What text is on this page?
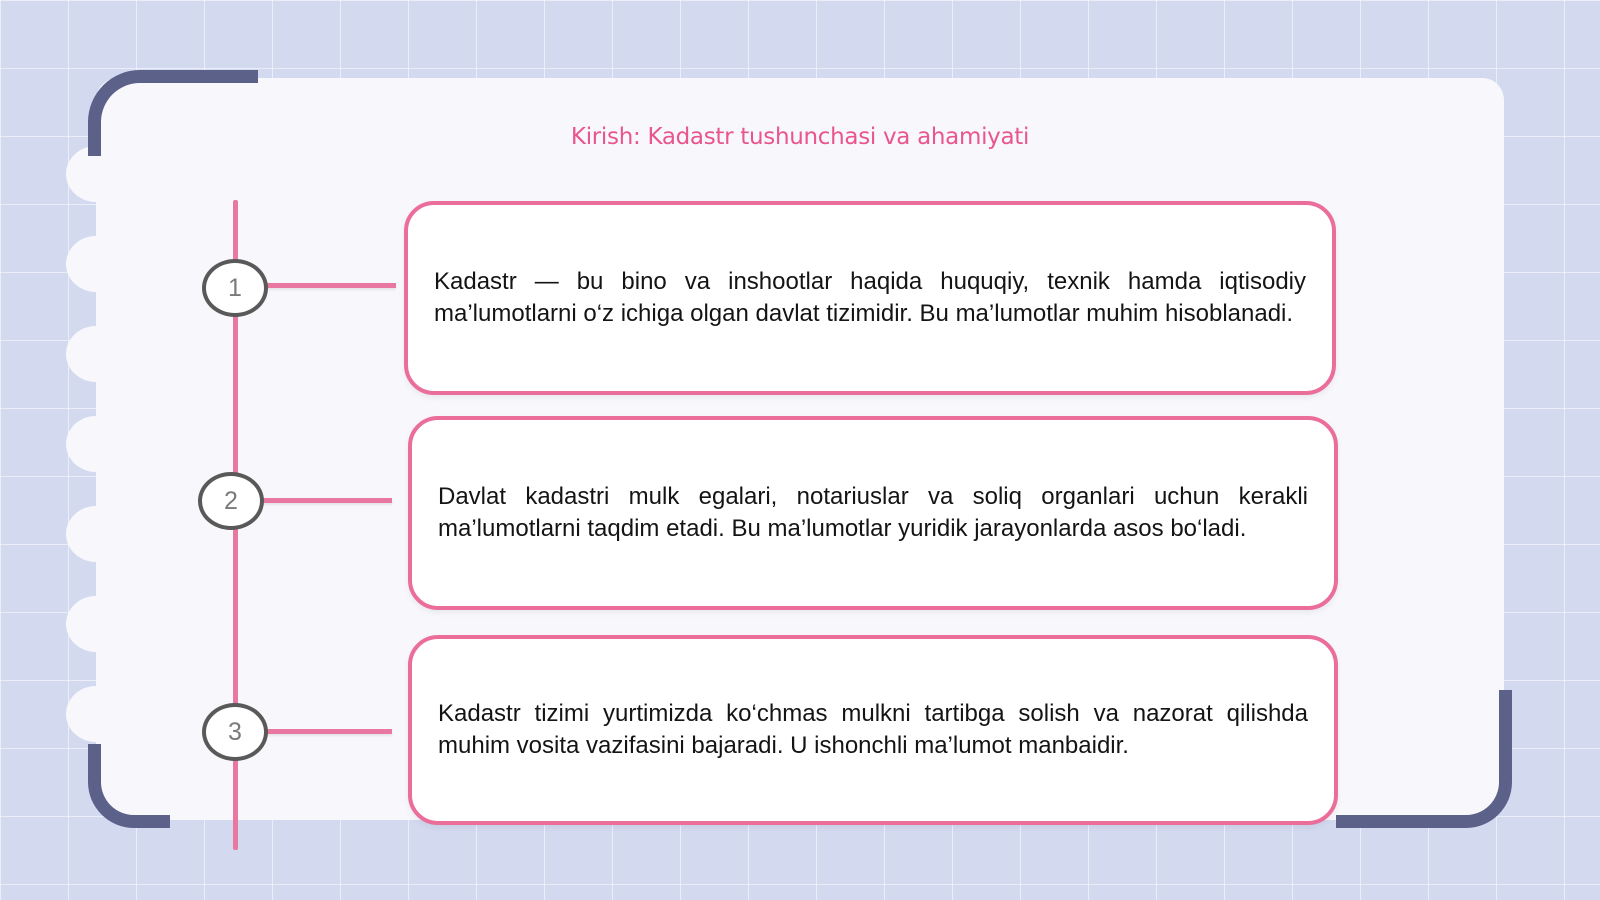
Kirish: Kadastr tushunchasi va ahamiyati
1	Kadastr — bu bino va inshootlar haqida huquqiy, texnik hamda iqtisodiy ma’lumotlarni o‘z ichiga olgan davlat tizimidir. Bu ma’lumotlar muhim hisoblanadi.
2	Davlat kadastri mulk egalari, notariuslar va soliq organlari uchun kerakli ma’lumotlarni taqdim etadi. Bu ma’lumotlar yuridik jarayonlarda asos bo‘ladi.
3
Kadastr tizimi yurtimizda ko‘chmas mulkni tartibga solish va nazorat qilishda muhim vosita vazifasini bajaradi. U ishonchli ma’lumot manbaidir.
